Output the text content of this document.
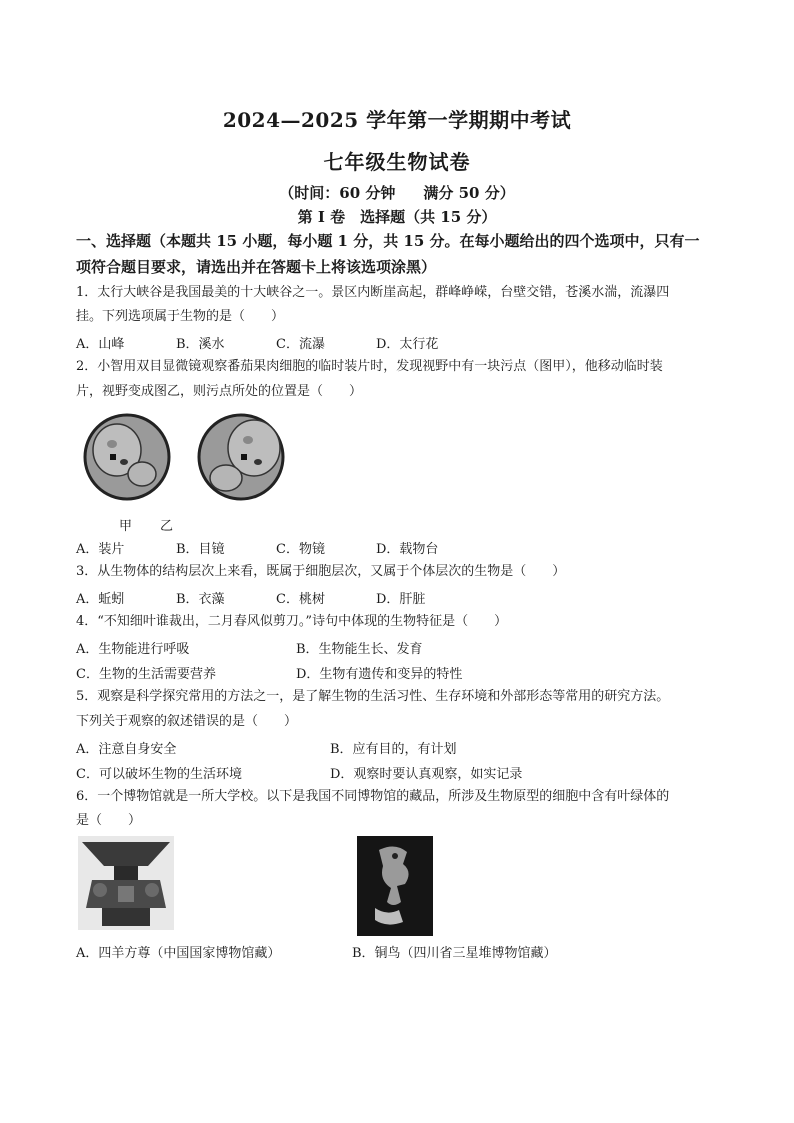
2024—2025 学年第一学期期中考试
七年级生物试卷
（时间：60 分钟 满分 50 分）
第 I 卷　选择题（共 15 分）
一、选择题（本题共 15 小题，每小题 1 分，共 15 分。在每小题给出的四个选项中，只有一
项符合题目要求，请选出并在答题卡上将该选项涂黑）
1．太行大峡谷是我国最美的十大峡谷之一。景区内断崖高起，群峰峥嵘，台壁交错，苍溪水湍，流瀑四
挂。下列选项属于生物的是（　　）
A．山峰	B．溪水	C．流瀑	D．太行花
2．小智用双目显微镜观察番茄果肉细胞的临时装片时，发现视野中有一块污点（图甲），他移动临时装
片，视野变成图乙，则污点所处的位置是（　　）
甲 乙
A．装片	B．目镜	C．物镜	D．载物台
3．从生物体的结构层次上来看，既属于细胞层次，又属于个体层次的生物是（　　）
A．蚯蚓	B．衣藻	C．桃树	D．肝脏
4．“不知细叶谁裁出，二月春风似剪刀。”诗句中体现的生物特征是（　　）
A．生物能进行呼吸	B．生物能生长、发育
C．生物的生活需要营养	D．生物有遗传和变异的特性
5．观察是科学探究常用的方法之一，是了解生物的生活习性、生存环境和外部形态等常用的研究方法。
下列关于观察的叙述错误的是（　　）
A．注意自身安全	B．应有目的，有计划
C．可以破坏生物的生活环境	D．观察时要认真观察，如实记录
6．一个博物馆就是一所大学校。以下是我国不同博物馆的藏品，所涉及生物原型的细胞中含有叶绿体的
是（　　）
A．四羊方尊（中国国家博物馆藏）	B．铜鸟（四川省三星堆博物馆藏）
